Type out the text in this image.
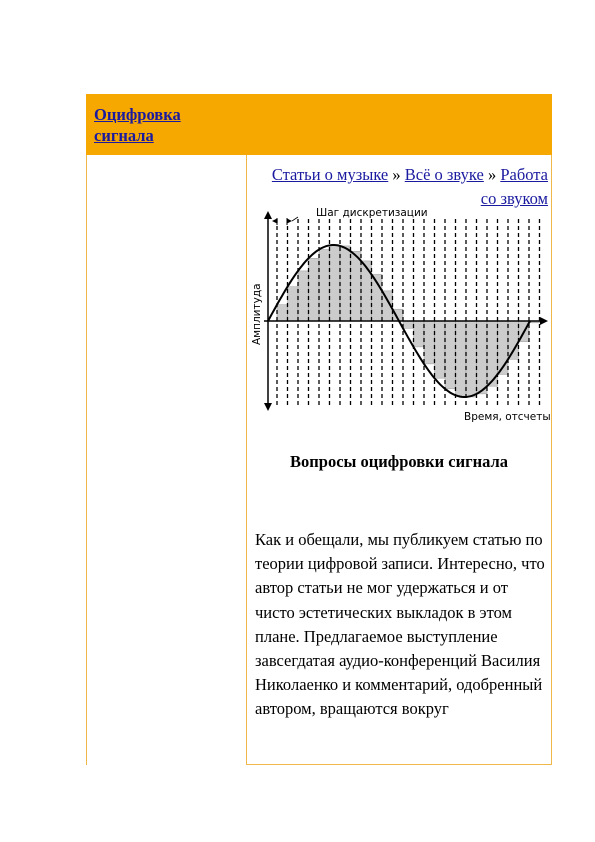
Оцифровка сигнала
Статьи о музыке » Всё о звуке » Работа со звуком
Шаг дискретизации
Амплитуда
Время, отсчеты
Вопросы оцифровки сигнала
Как и обещали, мы публикуем статью по теории цифровой записи. Интересно, что автор статьи не мог удержаться и от чисто эстетических выкладок в этом плане. Предлагаемое выступление завсегдатая аудио-конференций Василия Николаенко и комментарий, одобренный автором, вращаются вокруг
